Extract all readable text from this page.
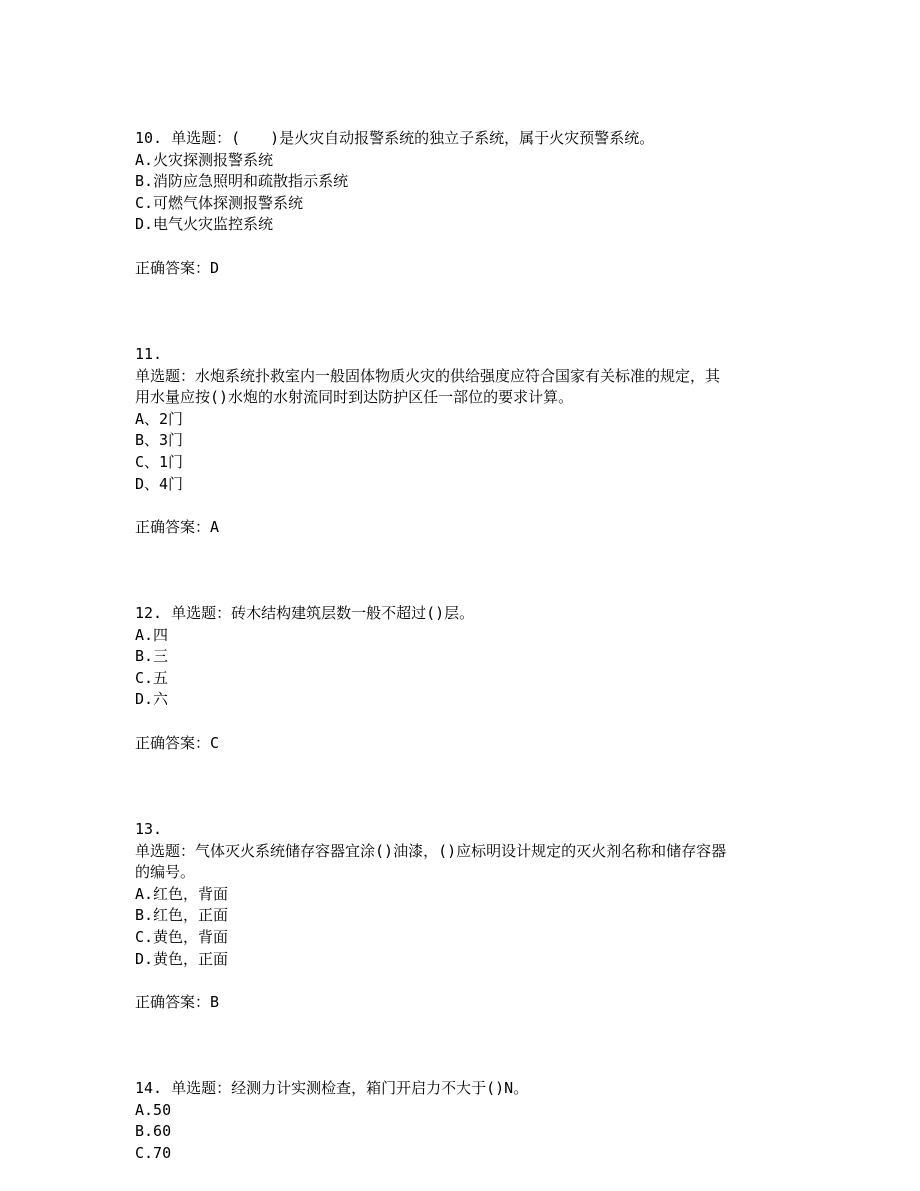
10. 单选题：(　　)是火灾自动报警系统的独立子系统，属于火灾预警系统。

A.火灾探测报警系统

B.消防应急照明和疏散指示系统

C.可燃气体探测报警系统

D.电气火灾监控系统

正确答案：D

11.

单选题：水炮系统扑救室内一般固体物质火灾的供给强度应符合国家有关标准的规定，其

用水量应按()水炮的水射流同时到达防护区任一部位的要求计算。

A、2门

B、3门

C、1门

D、4门

正确答案：A

12. 单选题：砖木结构建筑层数一般不超过()层。

A.四

B.三

C.五

D.六

正确答案：C

13.

单选题：气体灭火系统储存容器宜涂()油漆，()应标明设计规定的灭火剂名称和储存容器

的编号。

A.红色，背面

B.红色，正面

C.黄色，背面

D.黄色，正面

正确答案：B

14. 单选题：经测力计实测检查，箱门开启力不大于()N。

A.50

B.60

C.70
